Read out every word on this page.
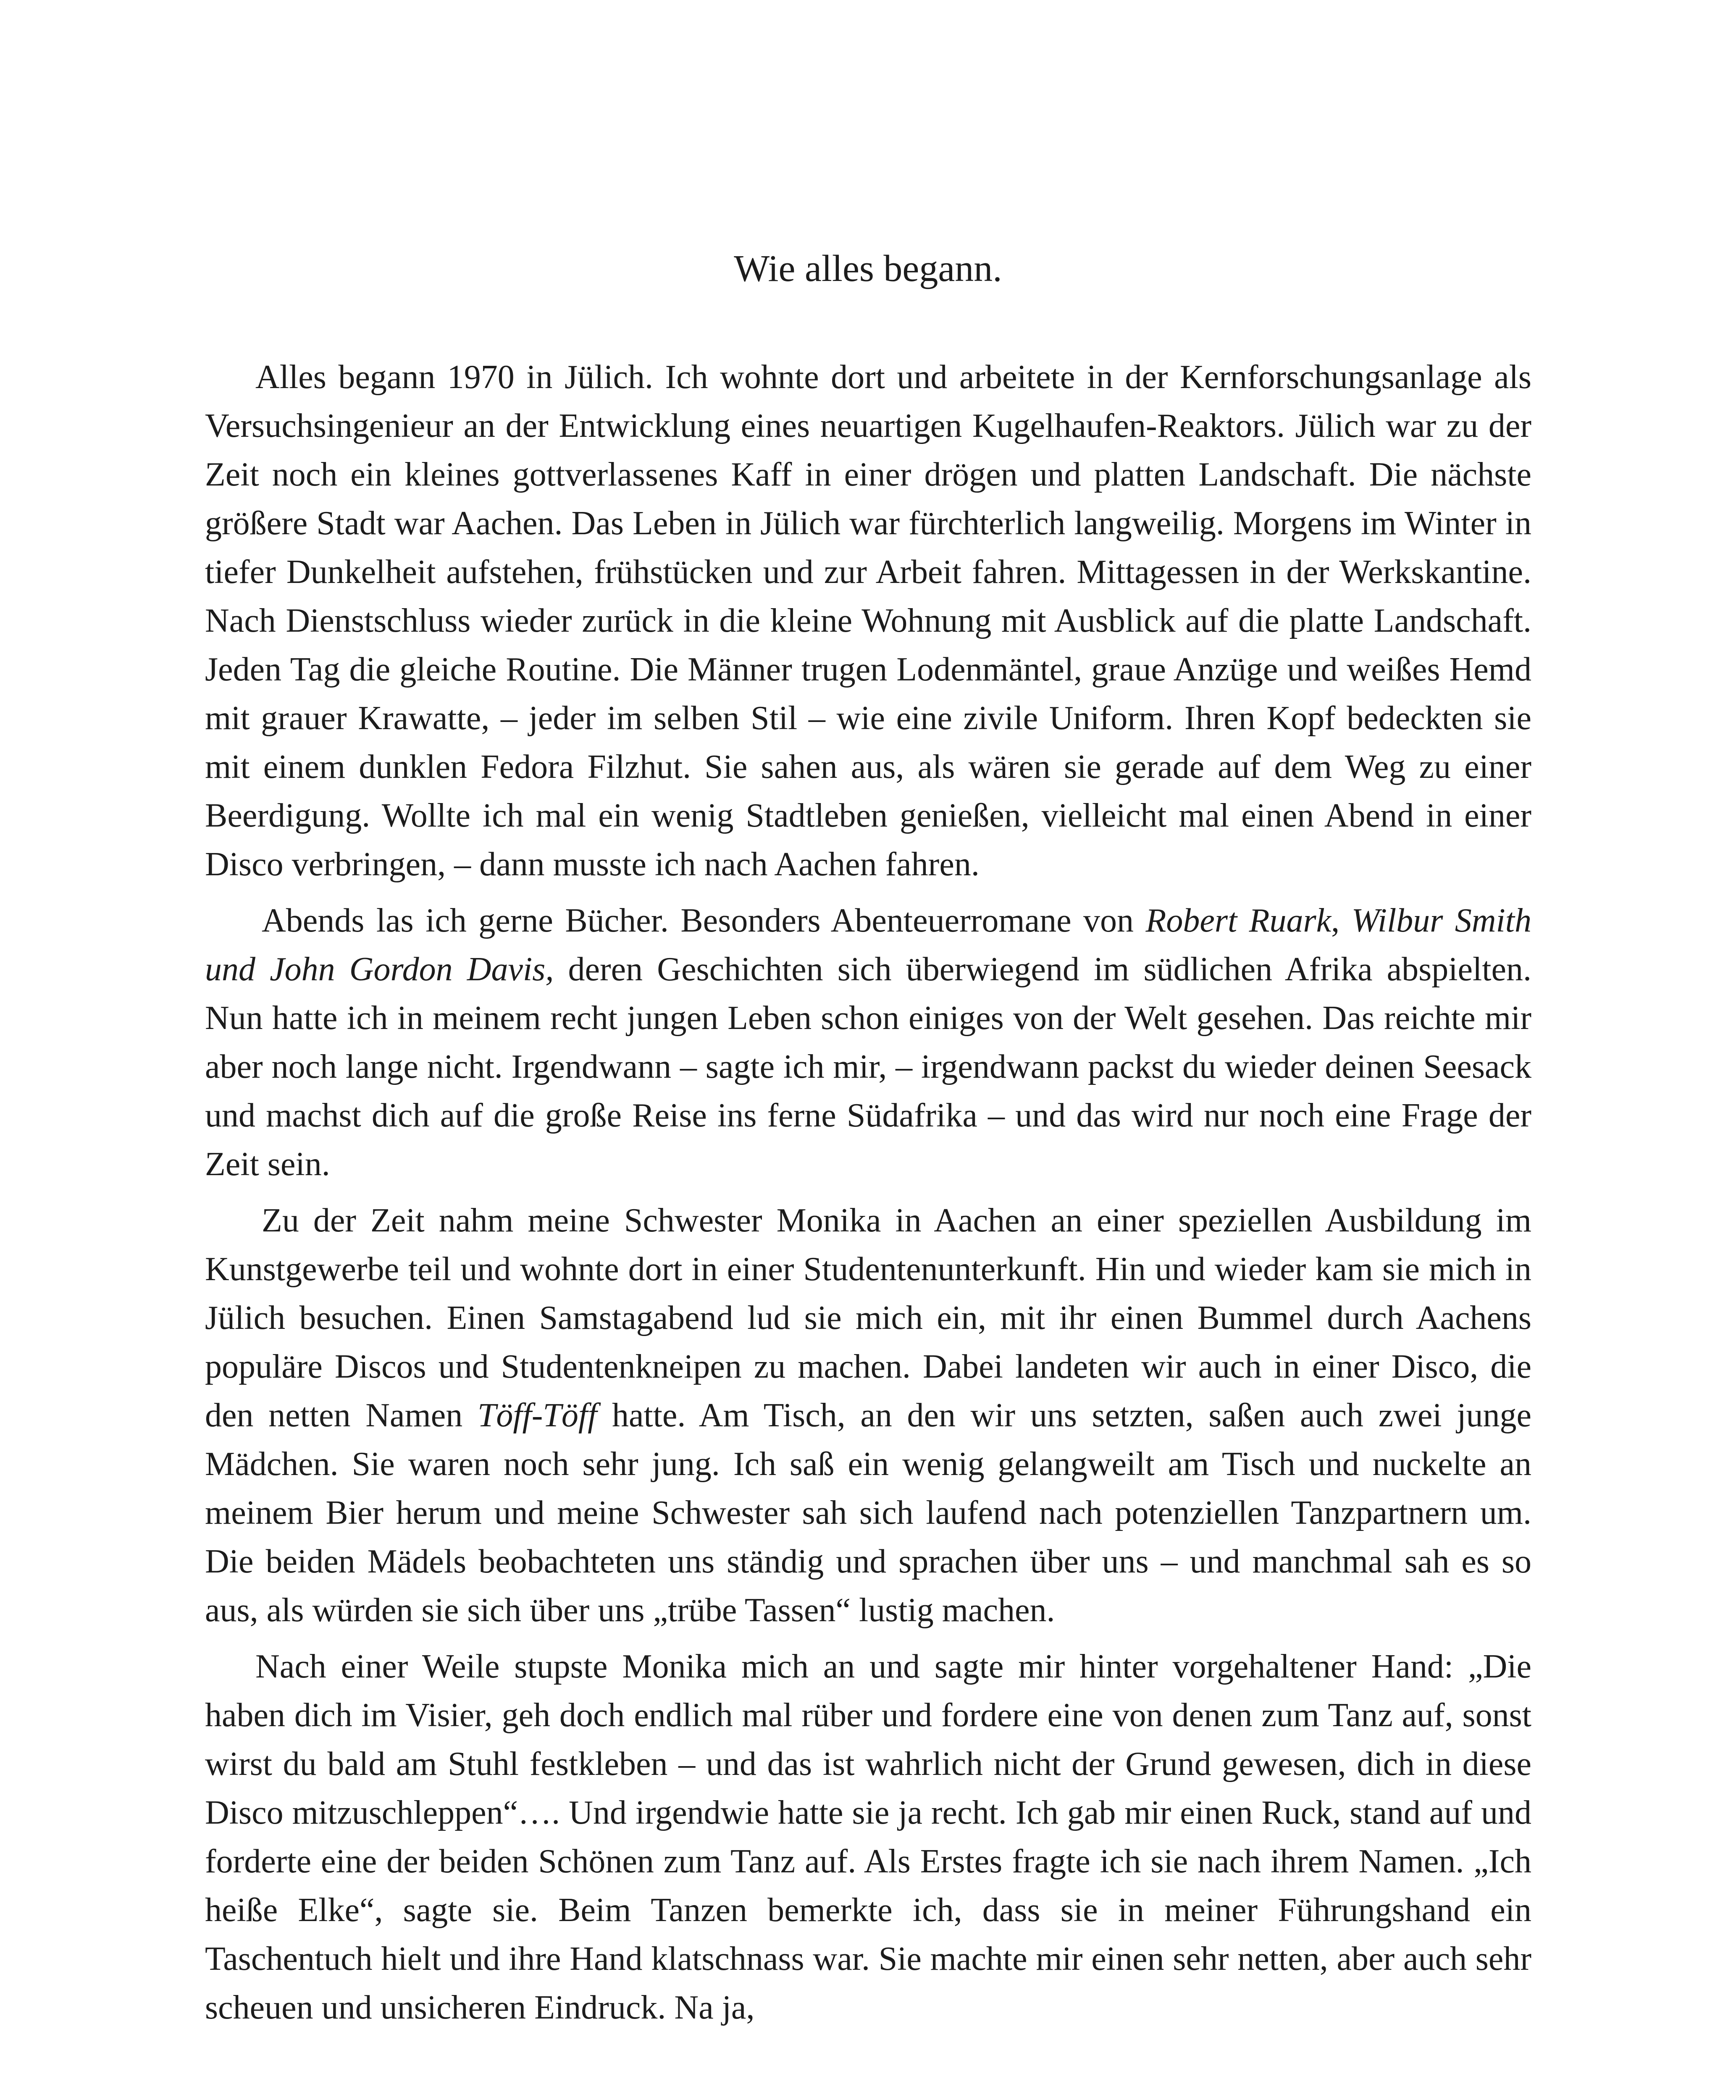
Wie alles begann.

Alles begann 1970 in Jülich. Ich wohnte dort und arbeitete in der Kernforschungsanlage als Versuchsingenieur an der Entwicklung eines neuartigen Kugelhaufen-Reaktors. Jülich war zu der Zeit noch ein kleines gottverlassenes Kaff in einer drögen und platten Landschaft. Die nächste größere Stadt war Aachen. Das Leben in Jülich war fürchterlich langweilig. Morgens im Winter in tiefer Dunkelheit aufstehen, frühstücken und zur Arbeit fahren. Mittagessen in der Werkskantine. Nach Dienstschluss wieder zurück in die kleine Wohnung mit Ausblick auf die platte Landschaft. Jeden Tag die gleiche Routine. Die Männer trugen Lodenmäntel, graue Anzüge und weißes Hemd mit grauer Krawatte, – jeder im selben Stil – wie eine zivile Uniform. Ihren Kopf bedeckten sie mit einem dunklen Fedora Filzhut. Sie sahen aus, als wären sie gerade auf dem Weg zu einer Beerdigung. Wollte ich mal ein wenig Stadtleben genießen, vielleicht mal einen Abend in einer Disco verbringen, – dann musste ich nach Aachen fahren.

Abends las ich gerne Bücher. Besonders Abenteuerromane von Robert Ruark, Wilbur Smith und John Gordon Davis, deren Geschichten sich überwiegend im südlichen Afrika abspielten. Nun hatte ich in meinem recht jungen Leben schon einiges von der Welt gesehen. Das reichte mir aber noch lange nicht. Irgendwann – sagte ich mir, – irgendwann packst du wieder deinen Seesack und machst dich auf die große Reise ins ferne Südafrika – und das wird nur noch eine Frage der Zeit sein.

Zu der Zeit nahm meine Schwester Monika in Aachen an einer speziellen Ausbildung im Kunstgewerbe teil und wohnte dort in einer Studentenunterkunft. Hin und wieder kam sie mich in Jülich besuchen. Einen Samstagabend lud sie mich ein, mit ihr einen Bummel durch Aachens populäre Discos und Studentenkneipen zu machen. Dabei landeten wir auch in einer Disco, die den netten Namen Töff-Töff hatte. Am Tisch, an den wir uns setzten, saßen auch zwei junge Mädchen. Sie waren noch sehr jung. Ich saß ein wenig gelangweilt am Tisch und nuckelte an meinem Bier herum und meine Schwester sah sich laufend nach potenziellen Tanzpartnern um. Die beiden Mädels beobachteten uns ständig und sprachen über uns – und manchmal sah es so aus, als würden sie sich über uns „trübe Tassen“ lustig machen.

Nach einer Weile stupste Monika mich an und sagte mir hinter vorgehaltener Hand: „Die haben dich im Visier, geh doch endlich mal rüber und fordere eine von denen zum Tanz auf, sonst wirst du bald am Stuhl festkleben – und das ist wahrlich nicht der Grund gewesen, dich in diese Disco mitzuschleppen“…. Und irgendwie hatte sie ja recht. Ich gab mir einen Ruck, stand auf und forderte eine der beiden Schönen zum Tanz auf. Als Erstes fragte ich sie nach ihrem Namen. „Ich heiße Elke“, sagte sie. Beim Tanzen bemerkte ich, dass sie in meiner Führungshand ein Taschentuch hielt und ihre Hand klatschnass war. Sie machte mir einen sehr netten, aber auch sehr scheuen und unsicheren Eindruck. Na ja,
